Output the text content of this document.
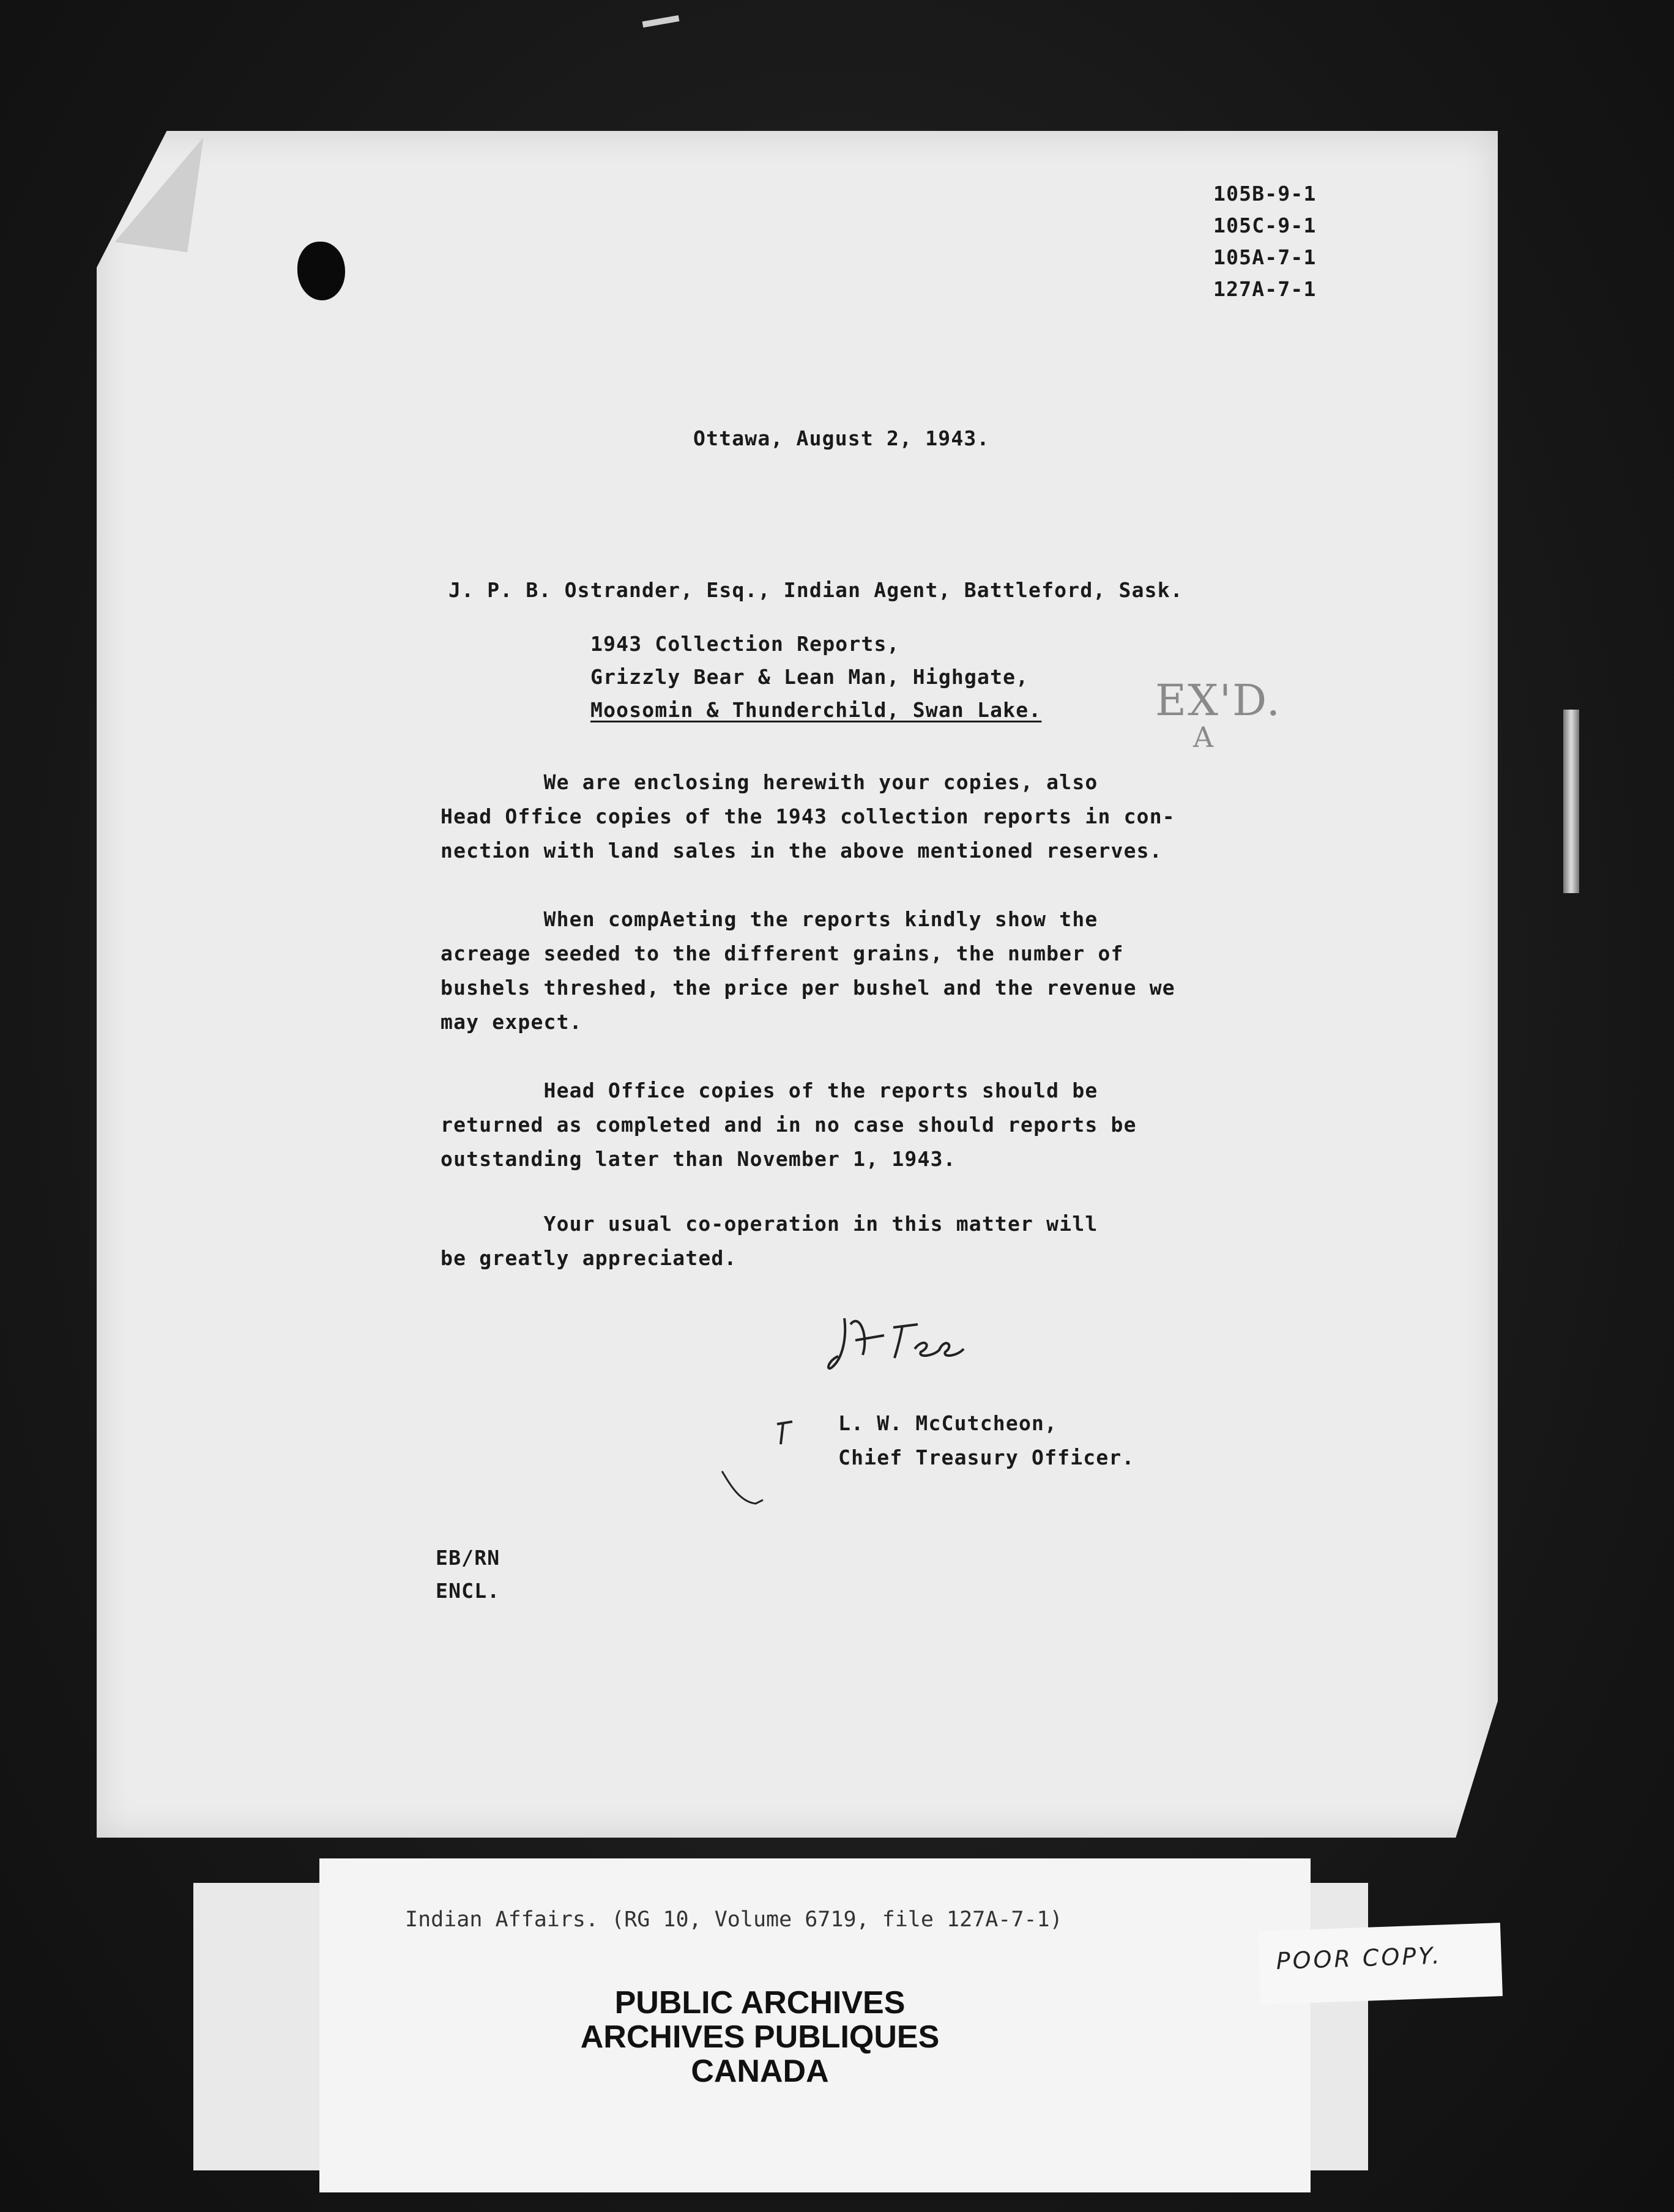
105B-9-1
105C-9-1
105A-7-1
127A-7-1
Ottawa, August 2, 1943.
J. P. B. Ostrander, Esq., Indian Agent, Battleford, Sask.
1943 Collection Reports,
Grizzly Bear & Lean Man, Highgate,
Moosomin & Thunderchild, Swan Lake.	EX'D.
A
We are enclosing herewith your copies, also
Head Office copies of the 1943 collection reports in con-
nection with land sales in the above mentioned reserves.
When compAeting the reports kindly show the
acreage seeded to the different grains, the number of
bushels threshed, the price per bushel and the revenue we
may expect.
Head Office copies of the reports should be
returned as completed and in no case should reports be
outstanding later than November 1, 1943.
Your usual co-operation in this matter will
be greatly appreciated.
L. W. McCutcheon,
Chief Treasury Officer.
EB/RN
ENCL.
Indian Affairs. (RG 10, Volume 6719, file 127A-7-1)
PUBLIC ARCHIVES
ARCHIVES PUBLIQUES
CANADA
POOR COPY.
